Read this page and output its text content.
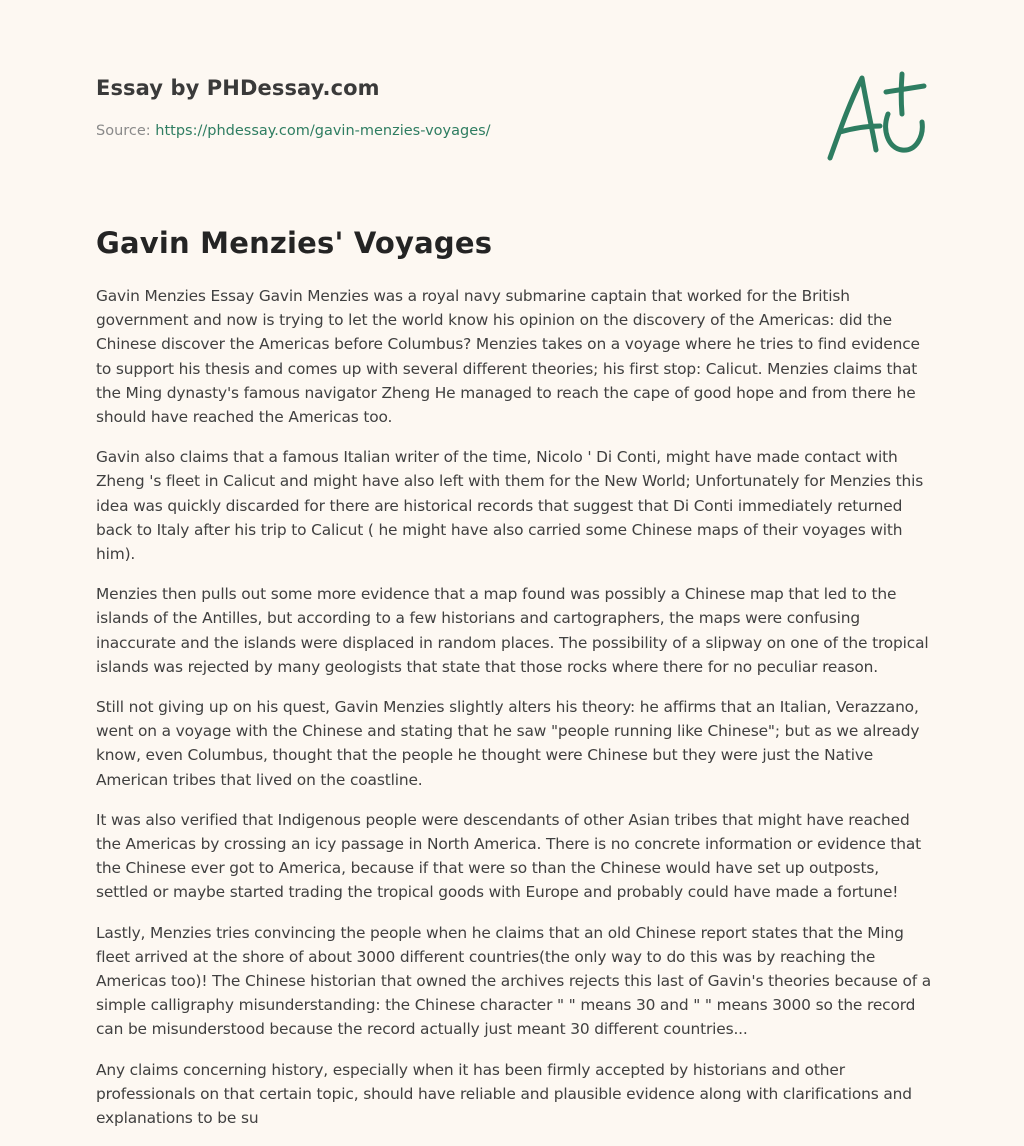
Essay by PHDessay.com
Source: https://phdessay.com/gavin-menzies-voyages/
Gavin Menzies' Voyages

Gavin Menzies Essay Gavin Menzies was a royal navy submarine captain that worked for the British government and now is trying to let the world know his opinion on the discovery of the Americas: did the Chinese discover the Americas before Columbus? Menzies takes on a voyage where he tries to find evidence to support his thesis and comes up with several different theories; his first stop: Calicut. Menzies claims that the Ming dynasty's famous navigator Zheng He managed to reach the cape of good hope and from there he should have reached the Americas too.

Gavin also claims that a famous Italian writer of the time, Nicolo ' Di Conti, might have made contact with Zheng 's fleet in Calicut and might have also left with them for the New World; Unfortunately for Menzies this idea was quickly discarded for there are historical records that suggest that Di Conti immediately returned back to Italy after his trip to Calicut ( he might have also carried some Chinese maps of their voyages with him).

Menzies then pulls out some more evidence that a map found was possibly a Chinese map that led to the islands of the Antilles, but according to a few historians and cartographers, the maps were confusing inaccurate and the islands were displaced in random places. The possibility of a slipway on one of the tropical islands was rejected by many geologists that state that those rocks where there for no peculiar reason.

Still not giving up on his quest, Gavin Menzies slightly alters his theory: he affirms that an Italian, Verazzano, went on a voyage with the Chinese and stating that he saw "people running like Chinese"; but as we already know, even Columbus, thought that the people he thought were Chinese but they were just the Native American tribes that lived on the coastline.

It was also verified that Indigenous people were descendants of other Asian tribes that might have reached the Americas by crossing an icy passage in North America. There is no concrete information or evidence that the Chinese ever got to America, because if that were so than the Chinese would have set up outposts, settled or maybe started trading the tropical goods with Europe and probably could have made a fortune!

Lastly, Menzies tries convincing the people when he claims that an old Chinese report states that the Ming fleet arrived at the shore of about 3000 different countries(the only way to do this was by reaching the Americas too)! The Chinese historian that owned the archives rejects this last of Gavin's theories because of a simple calligraphy misunderstanding: the Chinese character " " means 30 and " " means 3000 so the record can be misunderstood because the record actually just meant 30 different countries...

Any claims concerning history, especially when it has been firmly accepted by historians and other professionals on that certain topic, should have reliable and plausible evidence along with clarifications and explanations to be su
